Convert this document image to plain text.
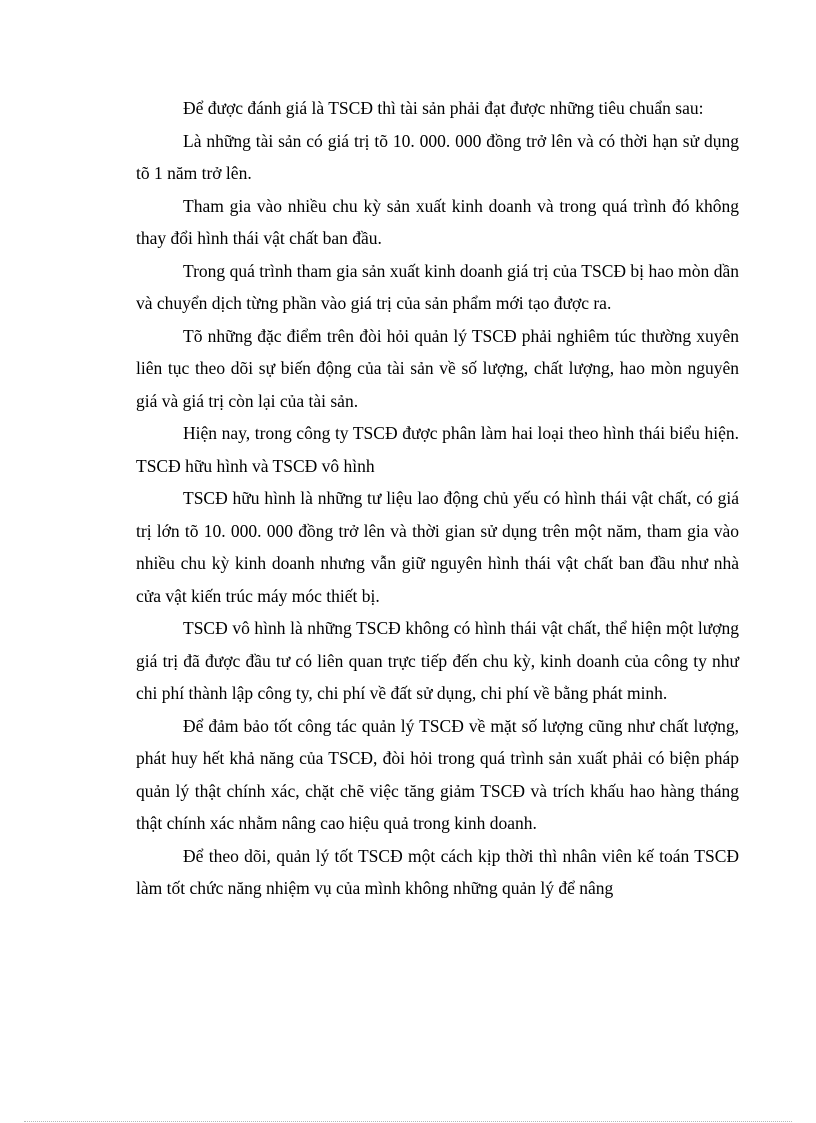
Để được đánh giá là TSCĐ thì tài sản phải đạt được những tiêu chuẩn sau:

Là những tài sản có giá trị tõ 10. 000. 000 đồng trở lên và có thời hạn sử dụng tõ 1 năm trở lên.

Tham gia vào nhiều chu kỳ sản xuất kinh doanh và trong quá trình đó không thay đổi hình thái vật chất ban đầu.

Trong quá trình tham gia sản xuất kinh doanh giá trị của TSCĐ bị hao mòn dần và chuyển dịch từng phần vào giá trị của sản phẩm mới tạo được ra.

Tõ những đặc điểm trên đòi hỏi quản lý TSCĐ phải nghiêm túc thường xuyên liên tục theo dõi sự biến động của tài sản về số lượng, chất lượng, hao mòn nguyên giá và giá trị còn lại của tài sản.

Hiện nay, trong công ty TSCĐ được phân làm hai loại theo hình thái biểu hiện. TSCĐ hữu hình và TSCĐ vô hình

TSCĐ hữu hình là những tư liệu lao động chủ yếu có hình thái vật chất, có giá trị lớn tõ 10. 000. 000 đồng trở lên và thời gian sử dụng trên một năm, tham gia vào nhiều chu kỳ kinh doanh nhưng vẫn giữ nguyên hình thái vật chất ban đầu như nhà cửa vật kiến trúc máy móc thiết bị.

TSCĐ vô hình là những TSCĐ không có hình thái vật chất, thể hiện một lượng giá trị đã được đầu tư có liên quan trực tiếp đến chu kỳ, kinh doanh của công ty như chi phí thành lập công ty, chi phí về đất sử dụng, chi phí về bằng phát minh.

Để đảm bảo tốt công tác quản lý TSCĐ về mặt số lượng cũng như chất lượng, phát huy hết khả năng của TSCĐ, đòi hỏi trong quá trình sản xuất phải có biện pháp quản lý thật chính xác, chặt chẽ việc tăng giảm TSCĐ và trích khấu hao hàng tháng thật chính xác nhằm nâng cao hiệu quả trong kinh doanh.

Để theo dõi, quản lý tốt TSCĐ một cách kịp thời thì nhân viên kế toán TSCĐ làm tốt chức năng nhiệm vụ của mình không những quản lý để nâng
